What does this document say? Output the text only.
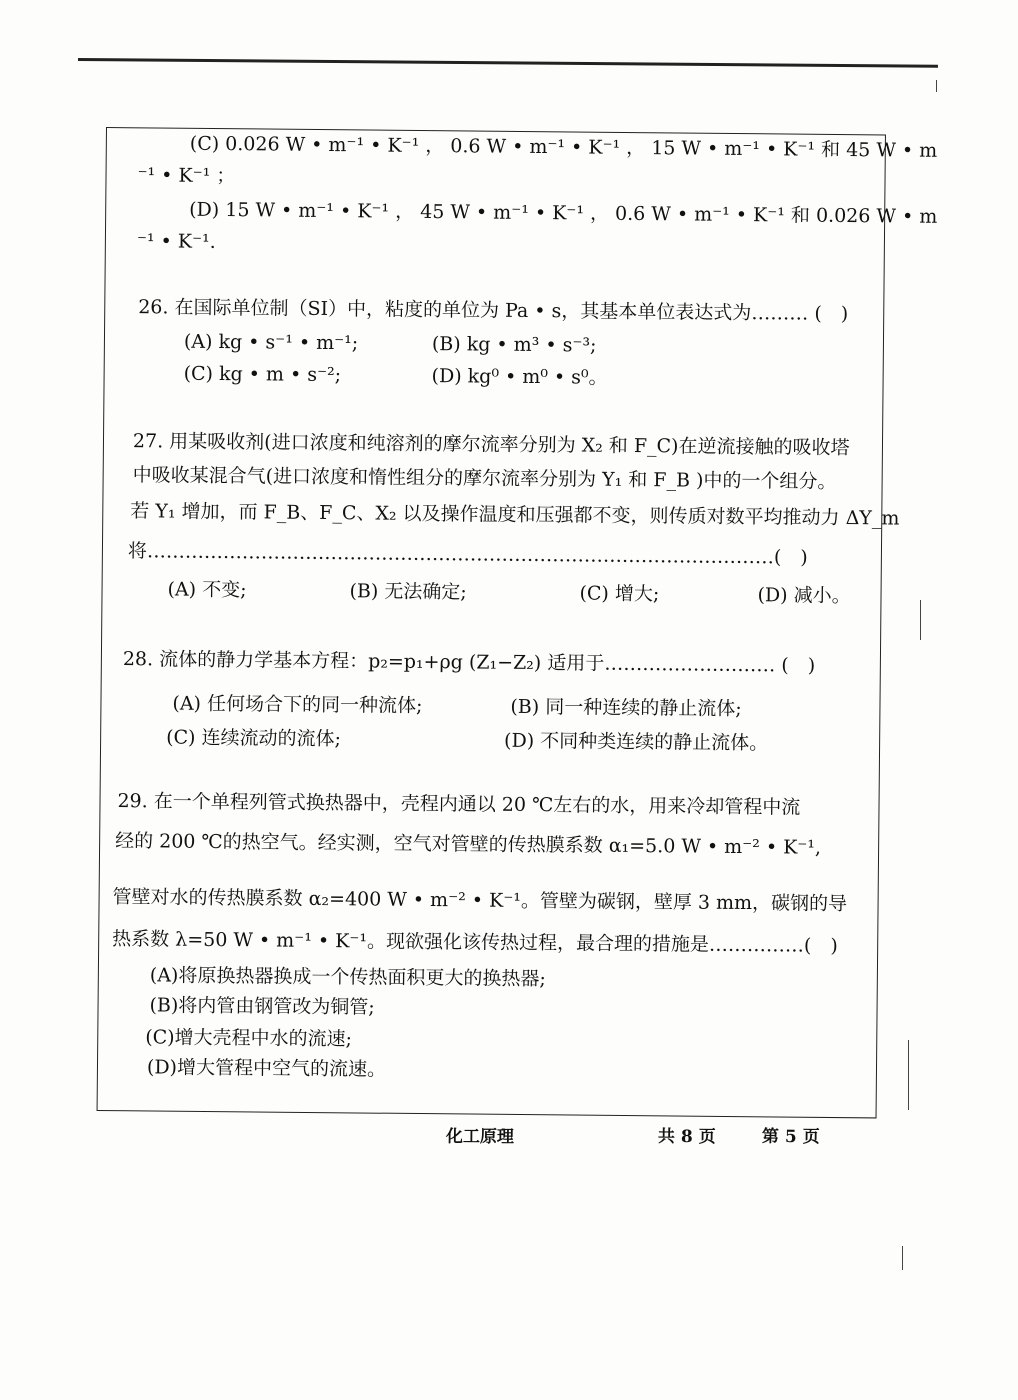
(C) 0.026 W • m⁻¹ • K⁻¹ ， 0.6 W • m⁻¹ • K⁻¹ ， 15 W • m⁻¹ • K⁻¹ 和 45 W • m
⁻¹ • K⁻¹ ；
(D) 15 W • m⁻¹ • K⁻¹ ， 45 W • m⁻¹ • K⁻¹ ， 0.6 W • m⁻¹ • K⁻¹ 和 0.026 W • m
⁻¹ • K⁻¹.
26. 在国际单位制（SI）中，粘度的单位为 Pa • s，其基本单位表达式为……… (　)
(A) kg • s⁻¹ • m⁻¹;	(B) kg • m³ • s⁻³;
(C) kg • m • s⁻²;	(D) kg⁰ • m⁰ • s⁰。
27. 用某吸收剂(进口浓度和纯溶剂的摩尔流率分别为 X₂ 和 F_C)在逆流接触的吸收塔
中吸收某混合气(进口浓度和惰性组分的摩尔流率分别为 Y₁ 和 F_B )中的一个组分。
若 Y₁ 增加，而 F_B、F_C、X₂ 以及操作温度和压强都不变，则传质对数平均推动力 ΔY_m
将………………………………………………………………………………………(　)
(A) 不变;	(B) 无法确定;	(C) 增大;	(D) 减小。
28. 流体的静力学基本方程：p₂=p₁+ρg (Z₁−Z₂) 适用于……………………… (　)
(A) 任何场合下的同一种流体;	(B) 同一种连续的静止流体;
(C) 连续流动的流体;	(D) 不同种类连续的静止流体。
29. 在一个单程列管式换热器中，壳程内通以 20 ℃左右的水，用来冷却管程中流
经的 200 ℃的热空气。经实测，空气对管壁的传热膜系数 α₁=5.0 W • m⁻² • K⁻¹,
管壁对水的传热膜系数 α₂=400 W • m⁻² • K⁻¹。管壁为碳钢，壁厚 3 mm，碳钢的导
热系数 λ=50 W • m⁻¹ • K⁻¹。现欲强化该传热过程，最合理的措施是……………(　)
(A)将原换热器换成一个传热面积更大的换热器;
(B)将内管由钢管改为铜管;
(C)增大壳程中水的流速;
(D)增大管程中空气的流速。
化工原理	共 8 页	第 5 页
